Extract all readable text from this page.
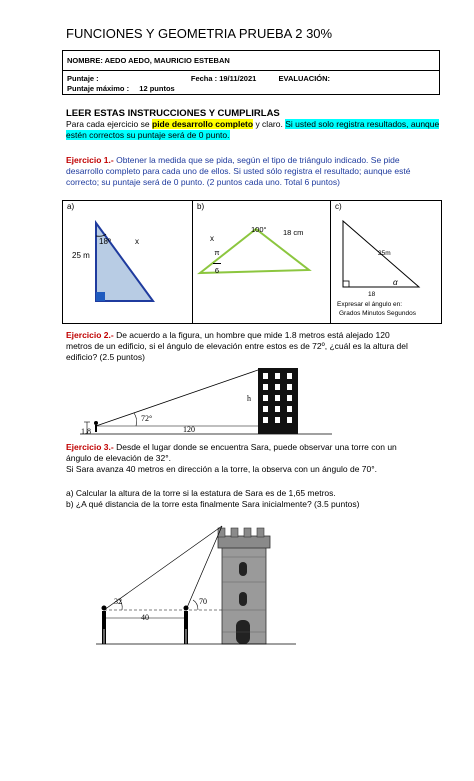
FUNCIONES Y GEOMETRIA PRUEBA 2 30%
NOMBRE: AEDO AEDO, MAURICIO ESTEBAN
Puntaje :	Fecha : 19/11/2021	EVALUACIÓN:
Puntaje máximo : 12 puntos
LEER ESTAS INSTRUCCIONES Y CUMPLIRLAS
Para cada ejercicio se pide desarrollo completo y claro. Si usted solo registra resultados, aunque estén correctos su puntaje será de 0 punto.
Ejercicio 1.- Obtener la medida que se pida, según el tipo de triángulo indicado. Se pide desarrollo completo para cada uno de ellos. Si usted sólo registra el resultado; aunque esté correcto; su puntaje será de 0 punto. (2 puntos cada uno. Total 6 puntos)
a)
18º	x
25 m
b)
100°
x
18 cm
π

6
c)
25m
α
18
Expresar el ángulo en:
Grados Minutos Segundos
Ejercicio 2.- De acuerdo a la figura, un hombre que mide 1.8 metros está alejado 120 metros de un edificio, si el ángulo de elevación entre estos es de 72º, ¿cuál es la altura del edificio? (2.5 puntos)
h
72°
1.8	120
Ejercicio 3.- Desde el lugar donde se encuentra Sara, puede observar una torre con un ángulo de elevación de 32°.
Si Sara avanza 40 metros en dirección a la torre, la observa con un ángulo de 70°.
a) Calcular la altura de la torre si la estatura de Sara es de 1,65 metros.
b) ¿A qué distancia de la torre esta finalmente Sara inicialmente? (3.5 puntos)
32	70
40
